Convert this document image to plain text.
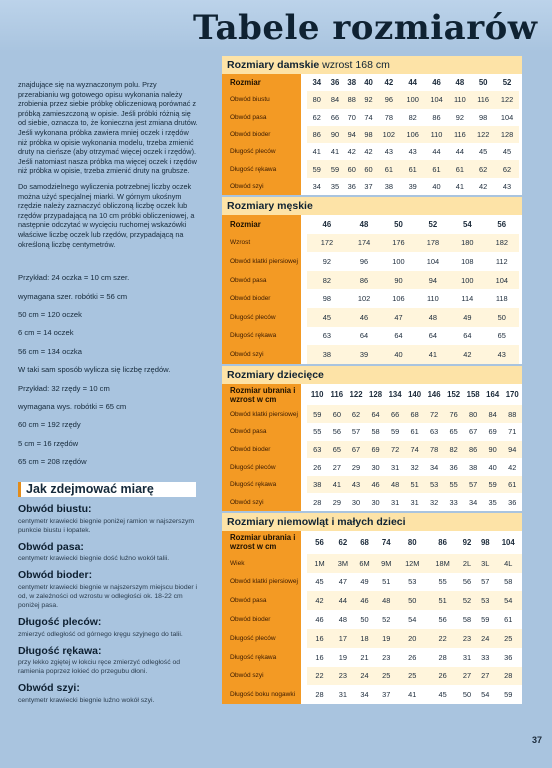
Tabele rozmiarów

znajdujące się na wyznaczonym polu. Przy przerabianiu wg gotowego opisu wykonania należy zrobienia przez siebie próbkę obliczeniową porównać z próbką zamieszczoną w opisie. Jeśli próbki różnią się od siebie, oznacza to, że konieczna jest zmiana drutów. Jeśli wykonana próbka zawiera mniej oczek i rzędów niż próbka w opisie wykonania modelu, trzeba zmienić druty na cieńsze (aby otrzymać więcej oczek i rzędów). Jeśli natomiast nasza próbka ma więcej oczek i rzędów niż próbka w opisie, trzeba zmienić druty na grubsze.

Do samodzielnego wyliczenia potrzebnej liczby oczek można użyć specjalnej miarki. W górnym ukośnym rzędzie należy zaznaczyć obliczoną liczbę oczek lub rzędów przypadającą na 10 cm próbki obliczeniowej, a następnie odczytać w wycięciu ruchomej wskazówki właściwe liczbę oczek lub rzędów, przypadającą na określoną liczbę centymetrów.

Przykład: 24 oczka = 10 cm szer.
wymagana szer. robótki = 56 cm
50 cm = 120 oczek
6 cm = 14 oczek
56 cm = 134 oczka
W taki sam sposób wylicza się liczbę rzędów.
Przykład: 32 rzędy = 10 cm
wymagana wys. robótki = 65 cm
60 cm = 192 rzędy
5 cm = 16 rzędów
65 cm = 208 rzędów
Jak zdejmować miarę
Obwód biustu:
centymetr krawiecki biegnie poniżej ramion w najszerszym punkcie biustu i łopatek.
Obwód pasa:
centymetr krawiecki biegnie dość luźno wokół talii.
Obwód bioder:
centymetr krawiecki biegnie w najszerszym miejscu bioder i od, w zależności od wzrostu w odległości ok. 18-22 cm poniżej pasa.
Długość pleców:
zmierzyć odległość od górnego kręgu szyjnego do talii.
Długość rękawa:
przy lekko zgiętej w łokciu ręce zmierzyć odległość od ramienia poprzez łokieć do przegubu dłoni.
Obwód szyi:
centymetr krawiecki biegnie luźno wokół szyi.
Rozmiary damskie wzrost 168 cm
Rozmiar	34	36	38	40	42	44	46	48	50	52
Obwód biustu	80	84	88	92	96	100	104	110	116	122
Obwód pasa	62	66	70	74	78	82	86	92	98	104
Obwód bioder	86	90	94	98	102	106	110	116	122	128
Długość pleców	41	41	42	42	43	43	44	44	45	45
Długość rękawa	59	59	60	60	61	61	61	61	62	62
Obwód szyi	34	35	36	37	38	39	40	41	42	43
Rozmiary męskie
Rozmiar	46	48	50	52	54	56
Wzrost	172	174	176	178	180	182
Obwód klatki piersiowej	92	96	100	104	108	112
Obwód pasa	82	86	90	94	100	104
Obwód bioder	98	102	106	110	114	118
Długość pleców	45	46	47	48	49	50
Długość rękawa	63	64	64	64	64	65
Obwód szyi	38	39	40	41	42	43
Rozmiary dziecięce
Rozmiar ubrania i wzrost w cm	110	116	122	128	134	140	146	152	158	164	170
Obwód klatki piersiowej	59	60	62	64	66	68	72	76	80	84	88
Obwód pasa	55	56	57	58	59	61	63	65	67	69	71
Obwód bioder	63	65	67	69	72	74	78	82	86	90	94
Długość pleców	26	27	29	30	31	32	34	36	38	40	42
Długość rękawa	38	41	43	46	48	51	53	55	57	59	61
Obwód szyi	28	29	30	30	31	31	32	33	34	35	36
Rozmiary niemowląt i małych dzieci
Rozmiar ubrania i wzrost w cm	56	62	68	74	80	86	92	98	104
Wiek	1M	3M	6M	9M	12M	18M	2L	3L	4L
Obwód klatki piersiowej	45	47	49	51	53	55	56	57	58
Obwód pasa	42	44	46	48	50	51	52	53	54
Obwód bioder	46	48	50	52	54	56	58	59	61
Długość pleców	16	17	18	19	20	22	23	24	25
Długość rękawa	16	19	21	23	26	28	31	33	36
Obwód szyi	22	23	24	25	25	26	27	27	28
Długość boku nogawki	28	31	34	37	41	45	50	54	59
37
